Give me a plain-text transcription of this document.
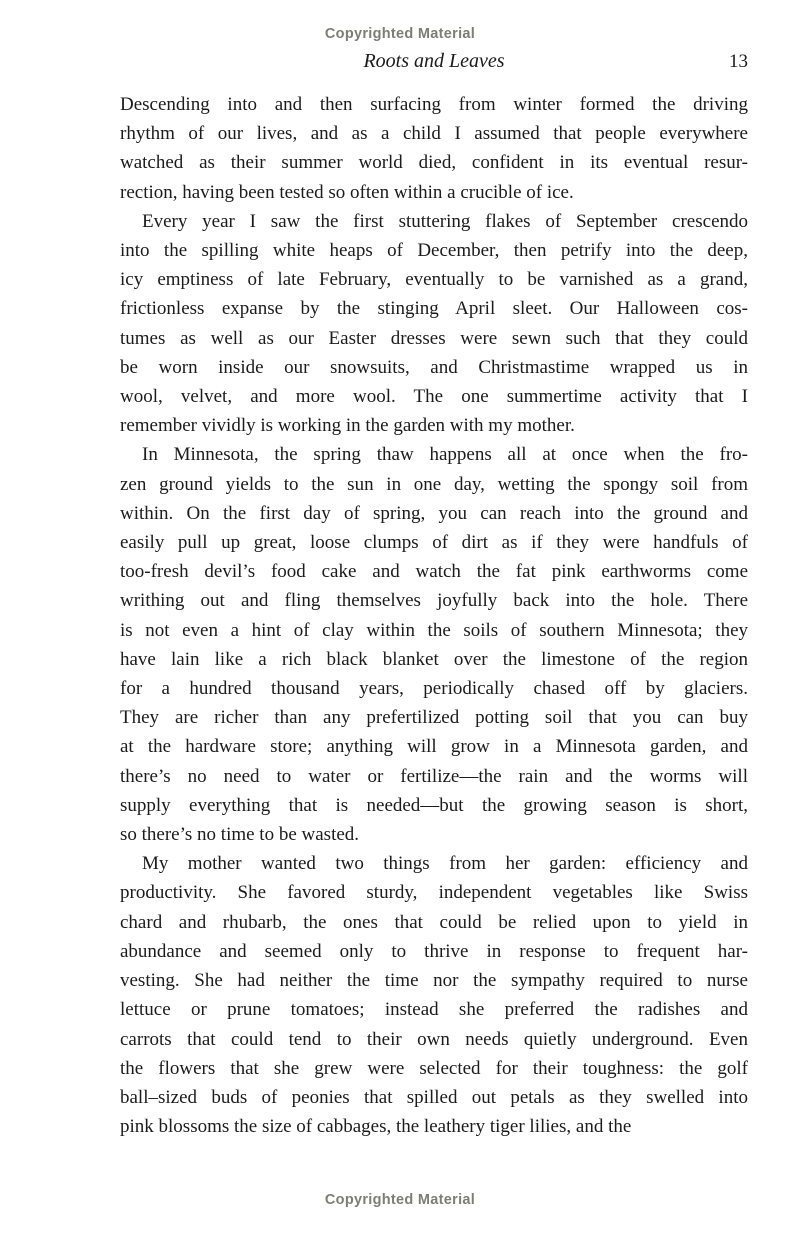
Copyrighted Material
Roots and Leaves	13
Descending into and then surfacing from winter formed the driving
rhythm of our lives, and as a child I assumed that people everywhere
watched as their summer world died, confident in its eventual resur-
rection, having been tested so often within a crucible of ice.
Every year I saw the first stuttering flakes of September crescendo
into the spilling white heaps of December, then petrify into the deep,
icy emptiness of late February, eventually to be varnished as a grand,
frictionless expanse by the stinging April sleet. Our Halloween cos-
tumes as well as our Easter dresses were sewn such that they could
be worn inside our snowsuits, and Christmastime wrapped us in
wool, velvet, and more wool. The one summertime activity that I
remember vividly is working in the garden with my mother.
In Minnesota, the spring thaw happens all at once when the fro-
zen ground yields to the sun in one day, wetting the spongy soil from
within. On the first day of spring, you can reach into the ground and
easily pull up great, loose clumps of dirt as if they were handfuls of
too-fresh devil’s food cake and watch the fat pink earthworms come
writhing out and fling themselves joyfully back into the hole. There
is not even a hint of clay within the soils of southern Minnesota; they
have lain like a rich black blanket over the limestone of the region
for a hundred thousand years, periodically chased off by glaciers.
They are richer than any prefertilized potting soil that you can buy
at the hardware store; anything will grow in a Minnesota garden, and
there’s no need to water or fertilize—the rain and the worms will
supply everything that is needed—but the growing season is short,
so there’s no time to be wasted.
My mother wanted two things from her garden: efficiency and
productivity. She favored sturdy, independent vegetables like Swiss
chard and rhubarb, the ones that could be relied upon to yield in
abundance and seemed only to thrive in response to frequent har-
vesting. She had neither the time nor the sympathy required to nurse
lettuce or prune tomatoes; instead she preferred the radishes and
carrots that could tend to their own needs quietly underground. Even
the flowers that she grew were selected for their toughness: the golf
ball–sized buds of peonies that spilled out petals as they swelled into
pink blossoms the size of cabbages, the leathery tiger lilies, and the
Copyrighted Material
